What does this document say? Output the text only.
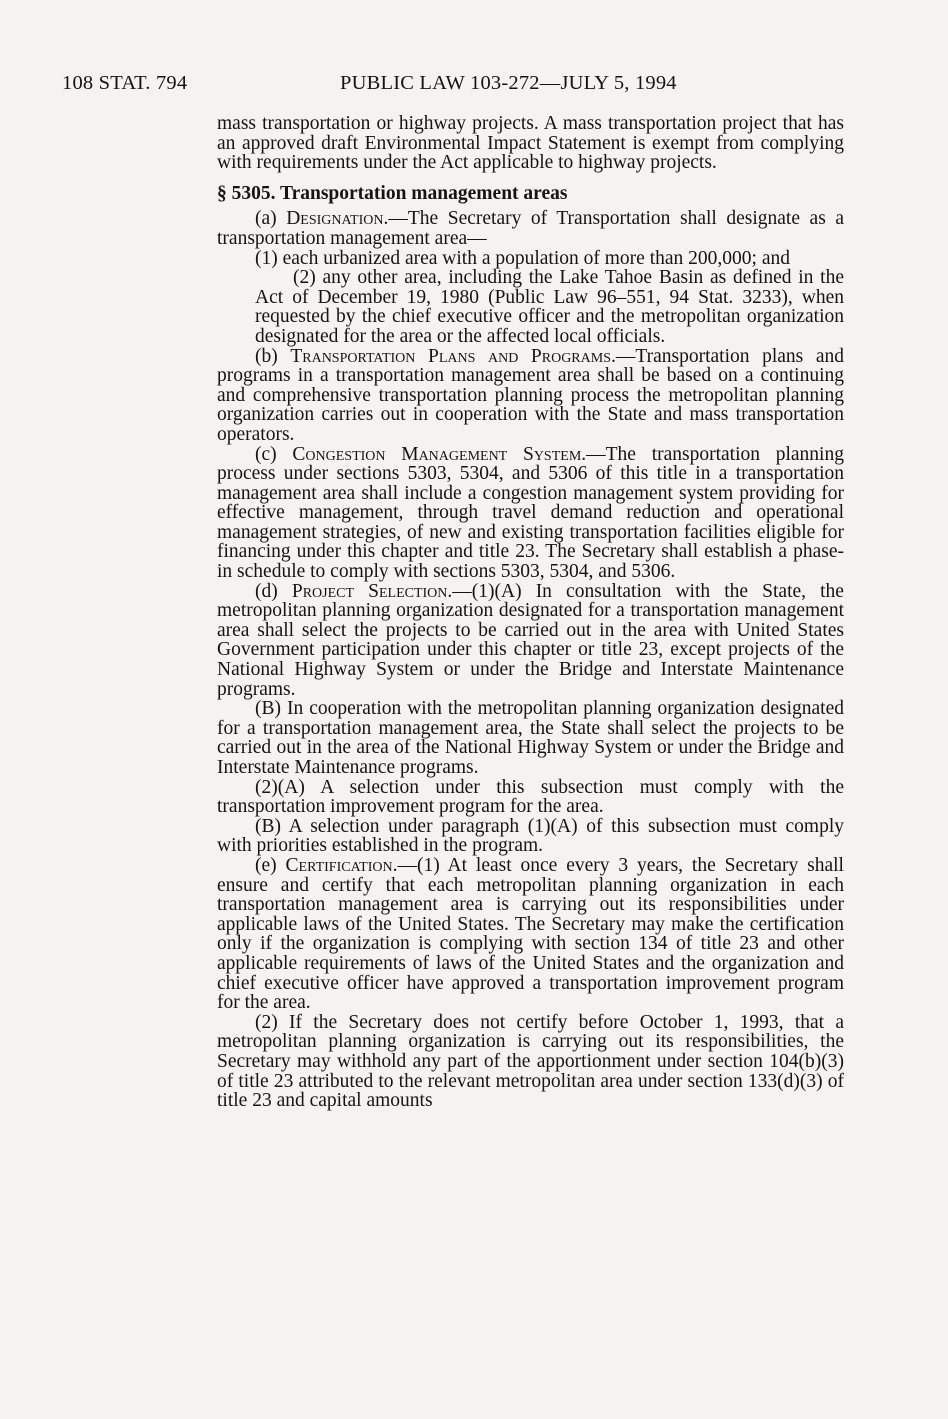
108 STAT. 794	PUBLIC LAW 103-272—JULY 5, 1994

mass transportation or highway projects. A mass transportation project that has an approved draft Environmental Impact Statement is exempt from complying with requirements under the Act applicable to highway projects.

§ 5305. Transportation management areas

(a) Designation.—The Secretary of Transportation shall designate as a transportation management area—

(1) each urbanized area with a population of more than 200,000; and

(2) any other area, including the Lake Tahoe Basin as defined in the Act of December 19, 1980 (Public Law 96–551, 94 Stat. 3233), when requested by the chief executive officer and the metropolitan organization designated for the area or the affected local officials.

(b) Transportation Plans and Programs.—Transportation plans and programs in a transportation management area shall be based on a continuing and comprehensive transportation planning process the metropolitan planning organization carries out in cooperation with the State and mass transportation operators.

(c) Congestion Management System.—The transportation planning process under sections 5303, 5304, and 5306 of this title in a transportation management area shall include a congestion management system providing for effective management, through travel demand reduction and operational management strategies, of new and existing transportation facilities eligible for financing under this chapter and title 23. The Secretary shall establish a phase-in schedule to comply with sections 5303, 5304, and 5306.

(d) Project Selection.—(1)(A) In consultation with the State, the metropolitan planning organization designated for a transportation management area shall select the projects to be carried out in the area with United States Government participation under this chapter or title 23, except projects of the National Highway System or under the Bridge and Interstate Maintenance programs.

(B) In cooperation with the metropolitan planning organization designated for a transportation management area, the State shall select the projects to be carried out in the area of the National Highway System or under the Bridge and Interstate Maintenance programs.

(2)(A) A selection under this subsection must comply with the transportation improvement program for the area.

(B) A selection under paragraph (1)(A) of this subsection must comply with priorities established in the program.

(e) Certification.—(1) At least once every 3 years, the Secretary shall ensure and certify that each metropolitan planning organization in each transportation management area is carrying out its responsibilities under applicable laws of the United States. The Secretary may make the certification only if the organization is complying with section 134 of title 23 and other applicable requirements of laws of the United States and the organization and chief executive officer have approved a transportation improvement program for the area.

(2) If the Secretary does not certify before October 1, 1993, that a metropolitan planning organization is carrying out its responsibilities, the Secretary may withhold any part of the apportionment under section 104(b)(3) of title 23 attributed to the relevant metropolitan area under section 133(d)(3) of title 23 and capital amounts
